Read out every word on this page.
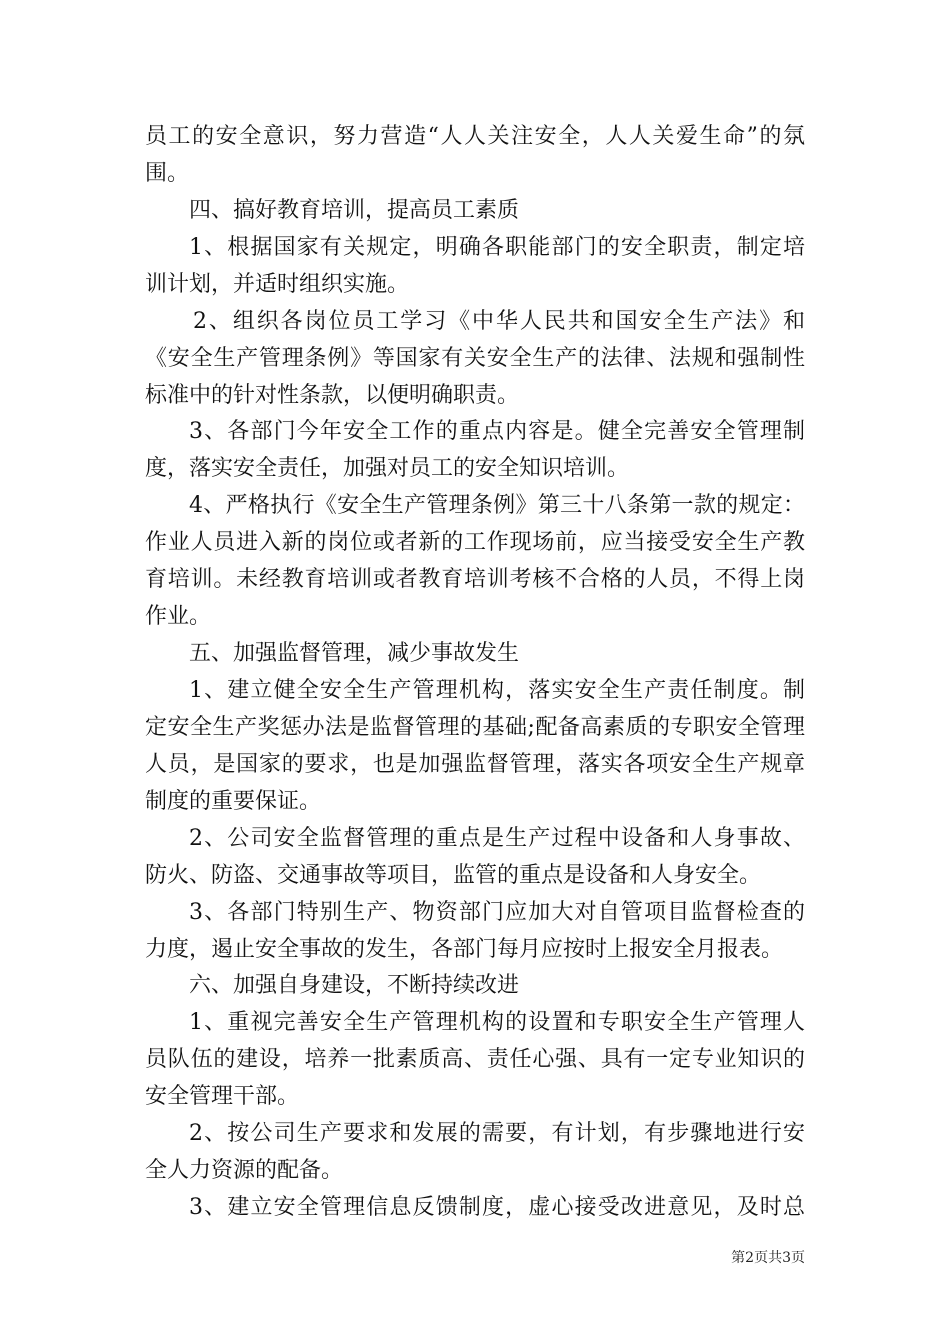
员工的安全意识，努力营造“人人关注安全，人人关爱生命”的氛
围。
四、搞好教育培训，提高员工素质
1、根据国家有关规定，明确各职能部门的安全职责，制定培
训计划，并适时组织实施。
2、组织各岗位员工学习《中华人民共和国安全生产法》和
《安全生产管理条例》等国家有关安全生产的法律、法规和强制性
标准中的针对性条款，以便明确职责。
3、各部门今年安全工作的重点内容是。健全完善安全管理制
度，落实安全责任，加强对员工的安全知识培训。
4、严格执行《安全生产管理条例》第三十八条第一款的规定：
作业人员进入新的岗位或者新的工作现场前，应当接受安全生产教
育培训。未经教育培训或者教育培训考核不合格的人员，不得上岗
作业。
五、加强监督管理，减少事故发生
1、建立健全安全生产管理机构，落实安全生产责任制度。制
定安全生产奖惩办法是监督管理的基础;配备高素质的专职安全管理
人员，是国家的要求，也是加强监督管理，落实各项安全生产规章
制度的重要保证。
2、公司安全监督管理的重点是生产过程中设备和人身事故、
防火、防盗、交通事故等项目，监管的重点是设备和人身安全。
3、各部门特别生产、物资部门应加大对自管项目监督检查的
力度，遏止安全事故的发生，各部门每月应按时上报安全月报表。
六、加强自身建设，不断持续改进
1、重视完善安全生产管理机构的设置和专职安全生产管理人
员队伍的建设，培养一批素质高、责任心强、具有一定专业知识的
安全管理干部。
2、按公司生产要求和发展的需要，有计划，有步骤地进行安
全人力资源的配备。
3、建立安全管理信息反馈制度，虚心接受改进意见，及时总
第2页共3页
